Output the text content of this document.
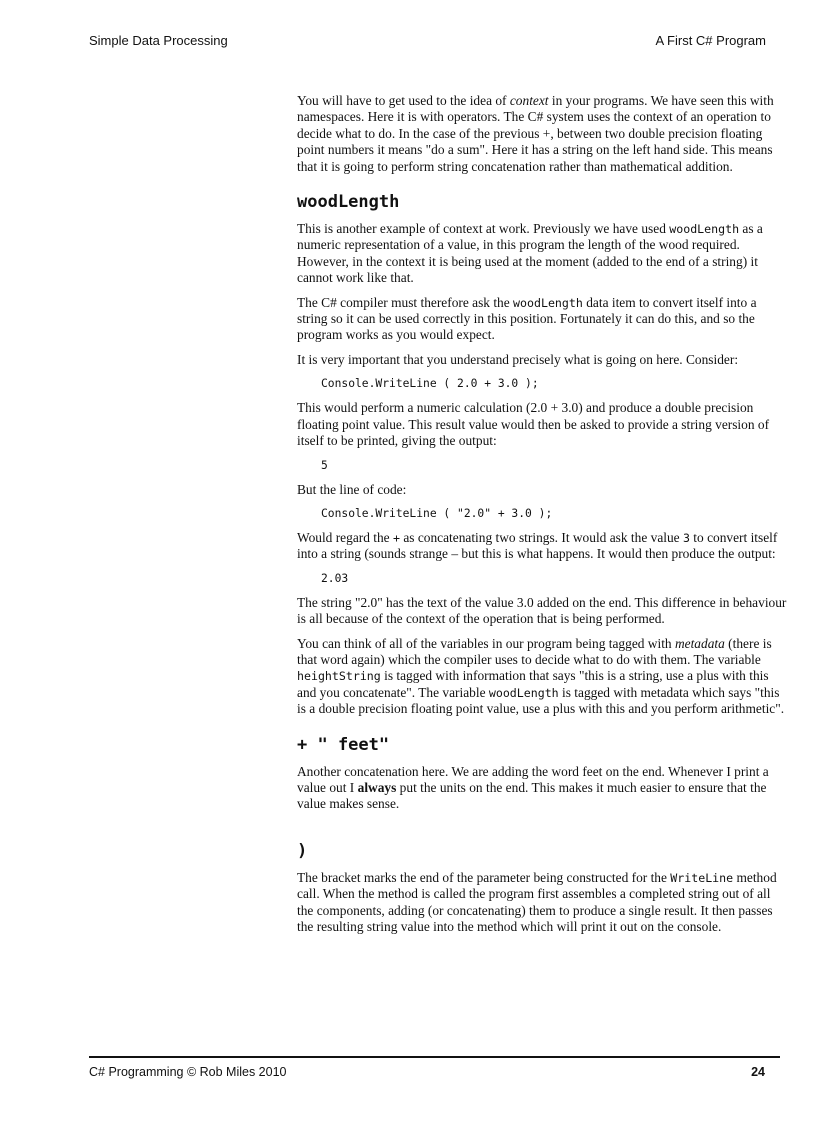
Simple Data Processing	A First C# Program

You will have to get used to the idea of context in your programs. We have seen this with namespaces. Here it is with operators. The C# system uses the context of an operation to decide what to do. In the case of the previous +, between two double precision floating point numbers it means "do a sum". Here it has a string on the left hand side. This means that it is going to perform string concatenation rather than mathematical addition.

woodLength

This is another example of context at work. Previously we have used woodLength as a numeric representation of a value, in this program the length of the wood required. However, in the context it is being used at the moment (added to the end of a string) it cannot work like that.

The C# compiler must therefore ask the woodLength data item to convert itself into a string so it can be used correctly in this position. Fortunately it can do this, and so the program works as you would expect.

It is very important that you understand precisely what is going on here. Consider:

Console.WriteLine ( 2.0 + 3.0 );

This would perform a numeric calculation (2.0 + 3.0) and produce a double precision floating point value. This result value would then be asked to provide a string version of itself to be printed, giving the output:

5

But the line of code:

Console.WriteLine ( "2.0" + 3.0 );

Would regard the + as concatenating two strings. It would ask the value 3 to convert itself into a string (sounds strange – but this is what happens. It would then produce the output:

2.03

The string "2.0" has the text of the value 3.0 added on the end. This difference in behaviour is all because of the context of the operation that is being performed.

You can think of all of the variables in our program being tagged with metadata (there is that word again) which the compiler uses to decide what to do with them. The variable heightString is tagged with information that says "this is a string, use a plus with this and you concatenate". The variable woodLength is tagged with metadata which says "this is a double precision floating point value, use a plus with this and you perform arithmetic".

+ " feet"

Another concatenation here. We are adding the word feet on the end. Whenever I print a value out I always put the units on the end. This makes it much easier to ensure that the value makes sense.

)

The bracket marks the end of the parameter being constructed for the WriteLine method call. When the method is called the program first assembles a completed string out of all the components, adding (or concatenating) them to produce a single result. It then passes the resulting string value into the method which will print it out on the console.

C# Programming © Rob Miles 2010	24
